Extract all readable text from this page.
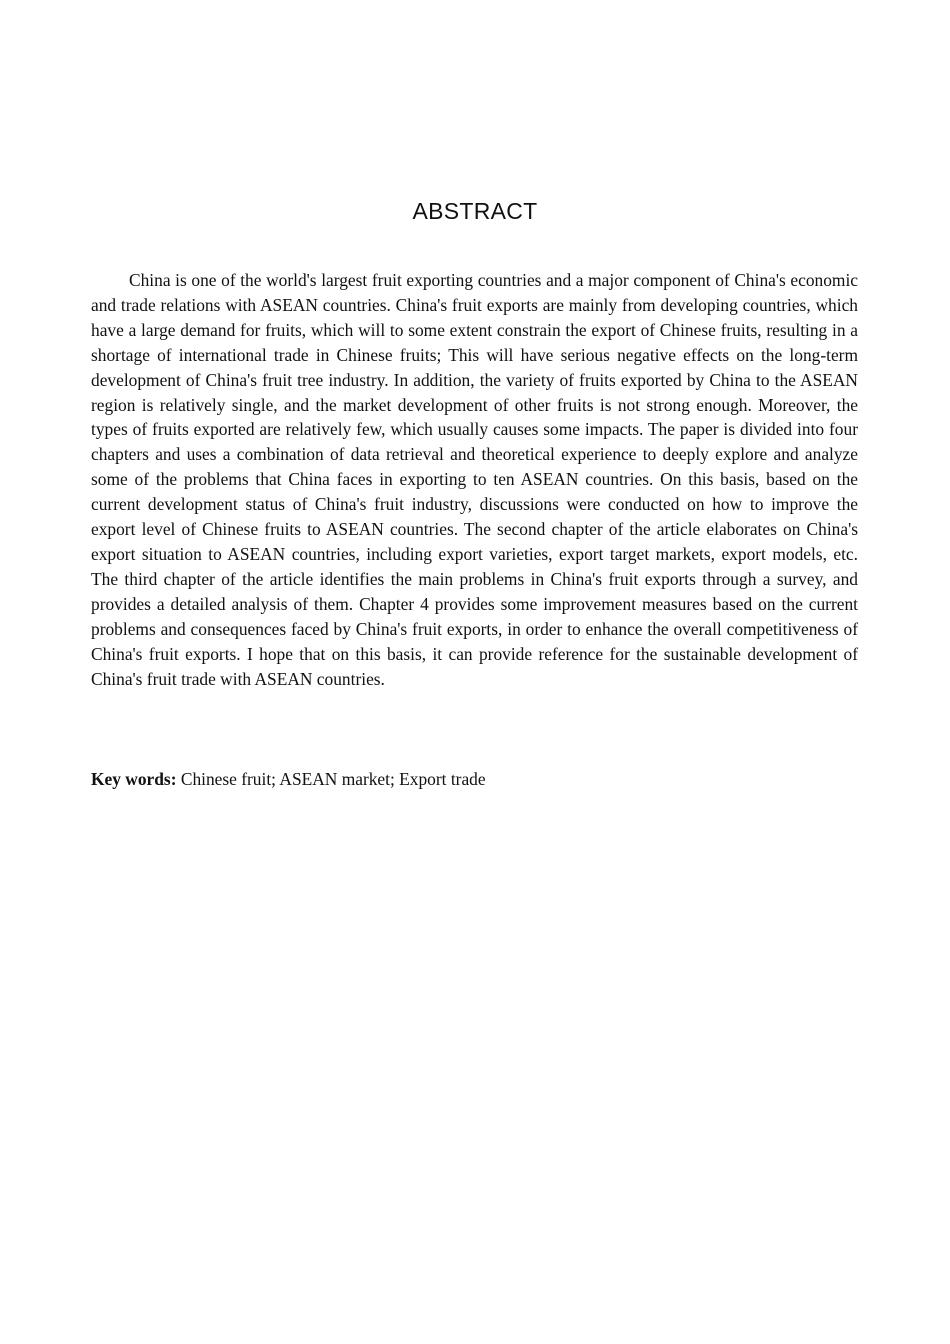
ABSTRACT

China is one of the world's largest fruit exporting countries and a major component of China's economic and trade relations with ASEAN countries. China's fruit exports are mainly from developing countries, which have a large demand for fruits, which will to some extent constrain the export of Chinese fruits, resulting in a shortage of international trade in Chinese fruits; This will have serious negative effects on the long-term development of China's fruit tree industry. In addition, the variety of fruits exported by China to the ASEAN region is relatively single, and the market development of other fruits is not strong enough. Moreover, the types of fruits exported are relatively few, which usually causes some impacts. The paper is divided into four chapters and uses a combination of data retrieval and theoretical experience to deeply explore and analyze some of the problems that China faces in exporting to ten ASEAN countries. On this basis, based on the current development status of China's fruit industry, discussions were conducted on how to improve the export level of Chinese fruits to ASEAN countries. The second chapter of the article elaborates on China's export situation to ASEAN countries, including export varieties, export target markets, export models, etc. The third chapter of the article identifies the main problems in China's fruit exports through a survey, and provides a detailed analysis of them. Chapter 4 provides some improvement measures based on the current problems and consequences faced by China's fruit exports, in order to enhance the overall competitiveness of China's fruit exports. I hope that on this basis, it can provide reference for the sustainable development of China's fruit trade with ASEAN countries.

Key words: Chinese fruit; ASEAN market; Export trade
